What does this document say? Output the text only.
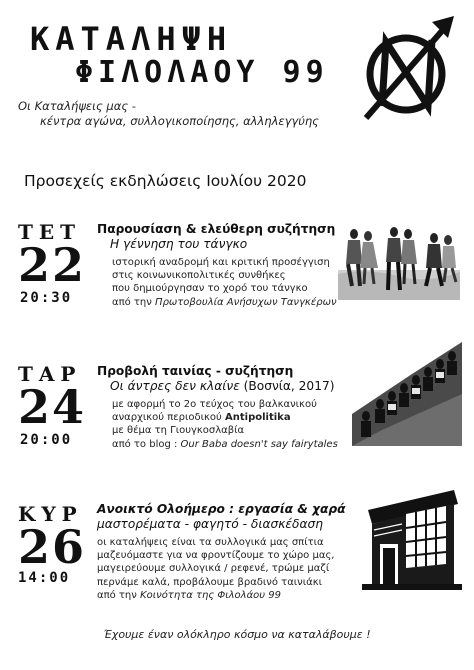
ΚΑΤΑΛΗΨΗ
ΦΙΛΟΛΑΟΥ 99
Οι Καταλήψεις μας -
κέντρα αγώνα, συλλογικοποίησης, αλληλεγγύης
Προσεχείς εκδηλώσεις Ιουλίου 2020
ΤΕΤ
22
20:30
Παρουσίαση & ελεύθερη συζήτηση
Η γέννηση του τάνγκο
ιστορική αναδρομή και κριτική προσέγγιση
στις κοινωνικοπολιτικές συνθήκες
που δημιούργησαν το χορό του τάνγκο
από την Πρωτοβουλία Ανήσυχων Τανγκέρων
ΤΑΡ
24
20:00
Προβολή ταινίας - συζήτηση
Οι άντρες δεν κλαίνε (Βοσνία, 2017)
με αφορμή το 2ο τεύχος του βαλκανικού
αναρχικού περιοδικού Antipolitika
με θέμα τη Γιουγκοσλαβία
από το blog : Our Baba doesn't say fairytales
ΚΥΡ
26
14:00
Ανοικτό Ολοήμερο : εργασία & χαρά
μαστορέματα - φαγητό - διασκέδαση
οι καταλήψεις είναι τα συλλογικά μας σπίτια
μαζευόμαστε για να φροντίζουμε το χώρο μας,
μαγειρεύουμε συλλογικά / ρεφενέ, τρώμε μαζί
περνάμε καλά, προβάλουμε βραδινό ταινιάκι
από την Κοινότητα της Φιλολάου 99
Έχουμε έναν ολόκληρο κόσμο να καταλάβουμε !
